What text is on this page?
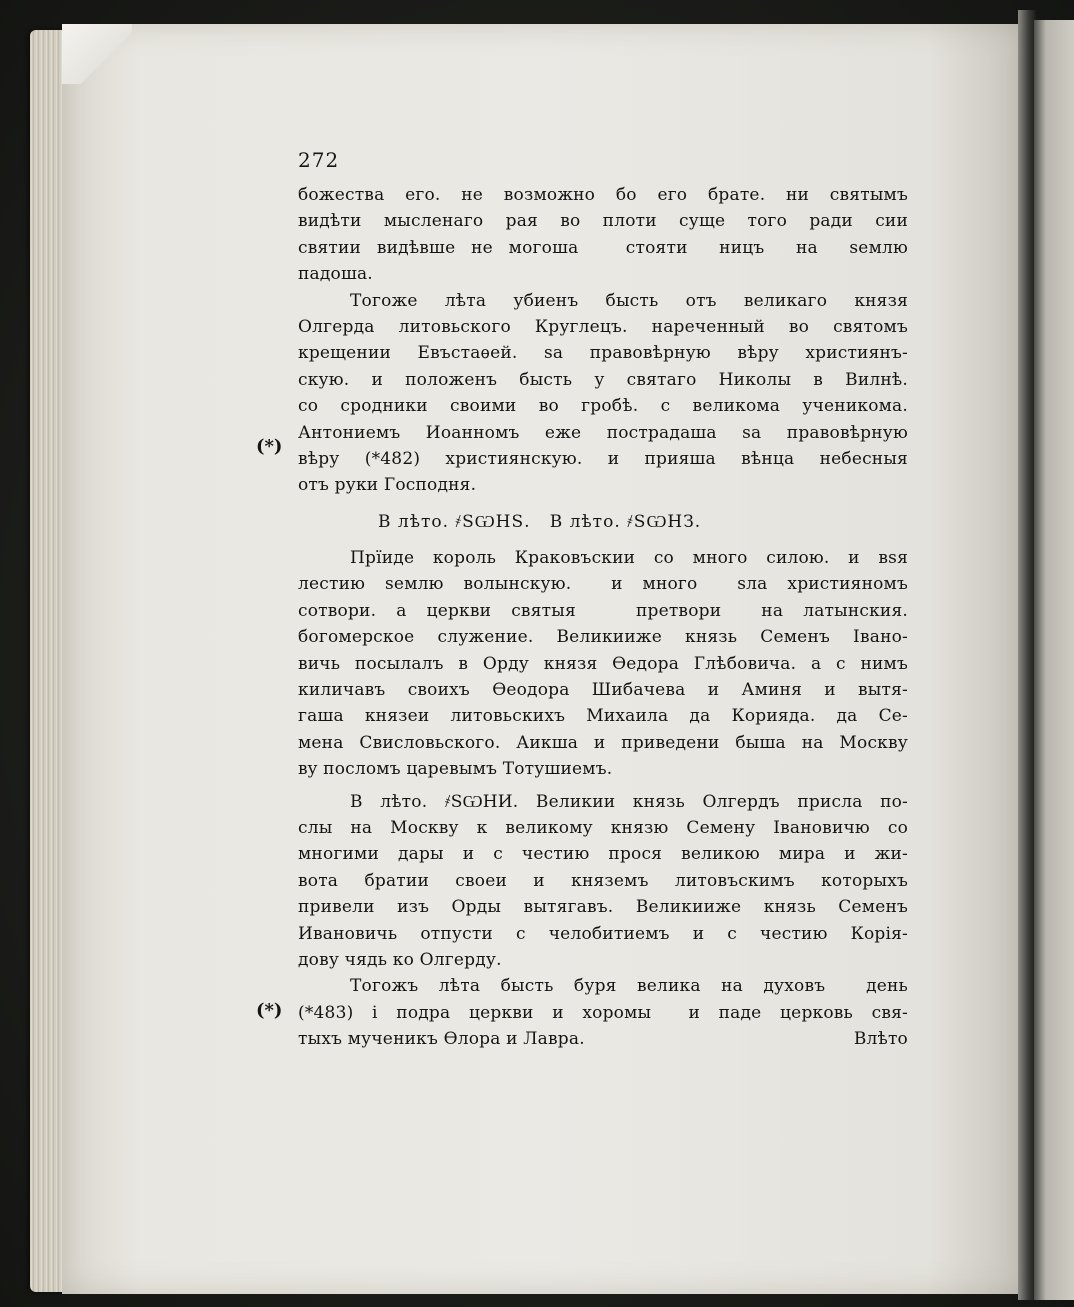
272
(*)
(*)
божества его. не возможно бо его брате. ни святымъ
видѣти мысленаго рая во плоти суще того ради сии
святии видѣвше не могоша   стояти  ницъ  на  ѕемлю
падоша.
Тогоже лѣта убиенъ бысть отъ великаго князя
Олгерда литовьского Круглецъ. нареченный во святомъ
крещении Евъстаѳей. ѕа правовѣрную вѣру християнъ-
скую. и положенъ бысть у святаго Николы в Вилнѣ.
со сродники своими во гробѣ. с великома ученикома.
Антониемъ Иоанномъ еже пострадаша ѕа правовѣрную
вѣру (*482) християнскую. и прияша вѣнца небесныя
отъ руки Господня.
В лѣто. ҂ЅѠНЅ.   В лѣто. ҂ЅѠНЗ.
Прїиде король Краковъскии со много силою. и вѕя
лестию ѕемлю волынскую.  и много  ѕла християномъ
сотвори. а церкви святыя   претвори  на латынския.
богомерское служение. Великиижe князь Семенъ Івано-
вичь посылалъ в Орду князя Ѳедора Глѣбовича. а с нимъ
киличавъ своихъ Ѳеодора Шибачева и Аминя и вытя-
гаша князеи литовьскихъ Михаила да Корияда. да Се-
мена Свисловьского. Аикша и приведени быша на Москву
вy посломъ царевымъ Тотушиемъ.
В лѣто. ҂ЅѠНИ. Великии князь Олгердъ присла по-
слы на Москву к великому князю Семену Івановичю со
многими дары и с честию прося великою мира и жи-
вота братии своеи и княземъ литовъскимъ которыхъ
привели изъ Орды вытягавъ. Великиижe князь Семенъ
Ивановичь отпусти с челобитиемъ и с честию Корiя-
дову чядь ко Олгерду.
Тогожъ лѣта бысть буря велика на духовъ  день
(*483) і подра церкви и хоромы  и паде церковь свя-
тыхъ мученикъ Ѳлора и Лавра.	Влѣто
